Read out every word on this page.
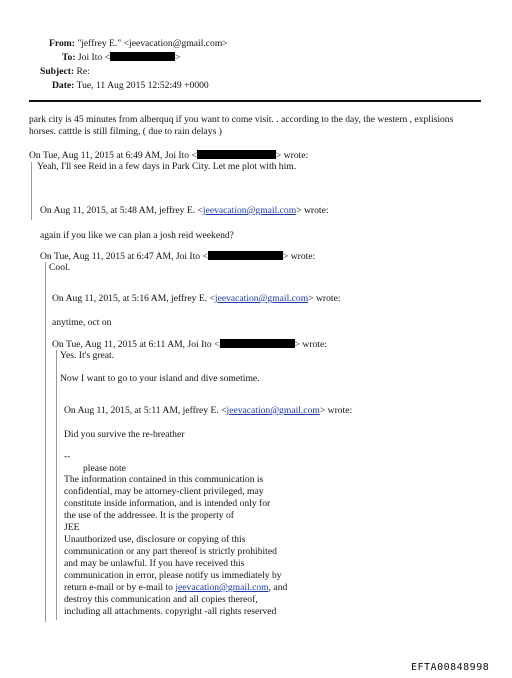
From: "jeffrey E." <jeevacation@gmail.com>
To: Joi Ito <	>
Subject: Re:
Date: Tue, 11 Aug 2015 12:52:49 +0000
park city is 45 minutes from alberquq if you want to come visit. . according to the day, the western , explisions
horses. catttle is still filming, ( due to rain delays )
On Tue, Aug 11, 2015 at 6:49 AM, Joi Ito <	> wrote:
Yeah, I'll see Reid in a few days in Park City. Let me plot with him.
On Aug 11, 2015, at 5:48 AM, jeffrey E. <jeevacation@gmail.com> wrote:
again if you like we can plan a josh reid weekend?
On Tue, Aug 11, 2015 at 6:47 AM, Joi Ito <	> wrote:
Cool.
On Aug 11, 2015, at 5:16 AM, jeffrey E. <jeevacation@gmail.com> wrote:
anytime, oct on
On Tue, Aug 11, 2015 at 6:11 AM, Joi Ito <	> wrote:
Yes. It's great.
Now I want to go to your island and dive sometime.
On Aug 11, 2015, at 5:11 AM, jeffrey E. <jeevacation@gmail.com> wrote:
Did you survive the re-breather
--
please note
The information contained in this communication is
confidential, may be attorney-client privileged, may
constitute inside information, and is intended only for
the use of the addressee. It is the property of
JEE
Unauthorized use, disclosure or copying of this
communication or any part thereof is strictly prohibited
and may be unlawful. If you have received this
communication in error, please notify us immediately by
return e-mail or by e-mail to jeevacation@gmail.com, and
destroy this communication and all copies thereof,
including all attachments. copyright -all rights reserved
EFTA00848998
